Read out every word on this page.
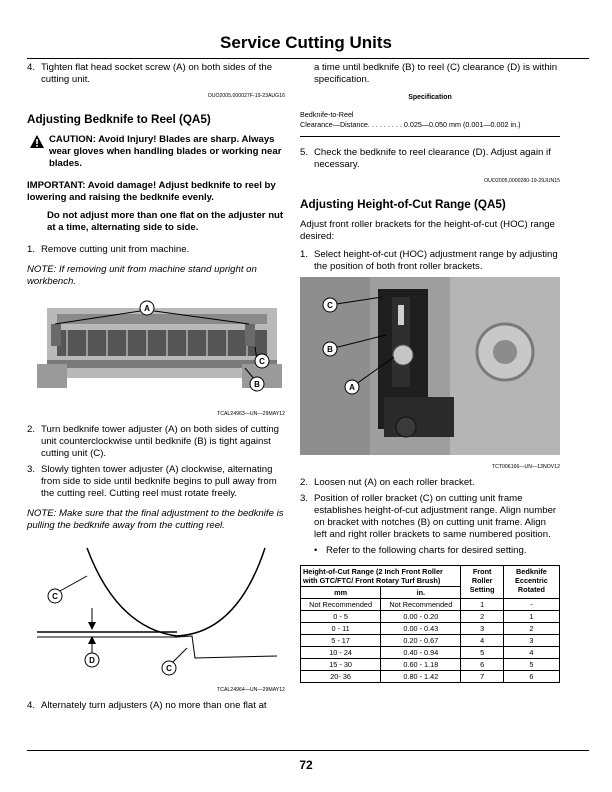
Service Cutting Units
4. Tighten flat head socket screw (A) on both sides of the cutting unit.
OUO2005,000027F-19-23AUG16
Adjusting Bedknife to Reel (QA5)
CAUTION: Avoid Injury! Blades are sharp. Always wear gloves when handling blades or working near blades.
IMPORTANT: Avoid damage! Adjust bedknife to reel by lowering and raising the bedknife evenly.
Do not adjust more than one flat on the adjuster nut at a time, alternating side to side.
1. Remove cutting unit from machine.
NOTE: If removing unit from machine stand upright on workbench.
A
C
B
TCAL24963—UN—29MAY12
2. Turn bedknife tower adjuster (A) on both sides of cutting unit counterclockwise until bedknife (B) is tight against cutting unit (C).
3. Slowly tighten tower adjuster (A) clockwise, alternating from side to side until bedknife begins to pull away from the cutting reel. Cutting reel must rotate freely.
NOTE: Make sure that the final adjustment to the bedknife is pulling the bedknife away from the cutting reel.
C
D
C
TCAL24964—UN—29MAY12
4. Alternately turn adjusters (A) no more than one flat at
a time until bedknife (B) to reel (C) clearance (D) is within specification.
Specification
Bedknife-to-Reel
Clearance—Distance. . . . . . . . . 0.025—0.050 mm (0.001—0.002 in.)
5. Check the bedknife to reel clearance (D). Adjust again if necessary.
OUO2005,0000280-19-29JUN15
Adjusting Height-of-Cut Range (QA5)
Adjust front roller brackets for the height-of-cut (HOC) range desired:
1. Select height-of-cut (HOC) adjustment range by adjusting the position of both front roller brackets.
C
B
A
TCT006166—UN—13NOV12
2. Loosen nut (A) on each roller bracket.
3. Position of roller bracket (C) on cutting unit frame establishes height-of-cut adjustment range. Align number on bracket with notches (B) on cutting unit frame. Align left and right roller brackets to same numbered position.
• Refer to the following charts for desired setting.
Height-of-Cut Range (2 Inch Front Roller with GTC/FTC/ Front Rotary Turf Brush)		Front Roller Setting	Bedknife Eccentric Rotated
mm	in.		
Not Recommended	Not Recommended	1	-
0 - 5	0.00 - 0.20	2	1
0 - 11	0.00 - 0.43	3	2
5 - 17	0.20 - 0.67	4	3
10 - 24	0.40 - 0.94	5	4
15 - 30	0.60 - 1.18	6	5
20- 36	0.80 - 1.42	7	6
72
